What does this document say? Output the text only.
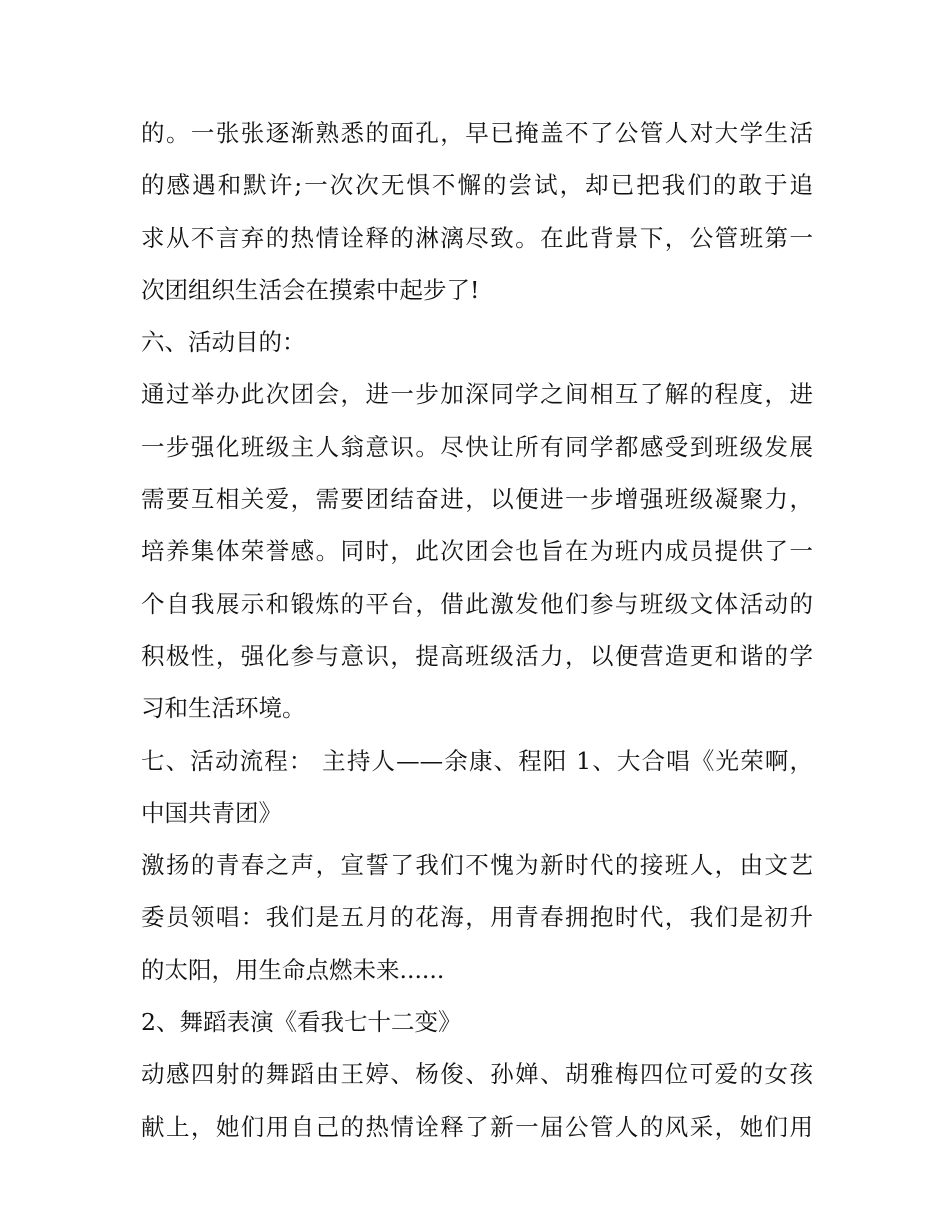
的。一张张逐渐熟悉的面孔，早已掩盖不了公管人对大学生活
的感遇和默许;一次次无惧不懈的尝试，却已把我们的敢于追
求从不言弃的热情诠释的淋漓尽致。在此背景下，公管班第一
次团组织生活会在摸索中起步了!
六、活动目的：
通过举办此次团会，进一步加深同学之间相互了解的程度，进
一步强化班级主人翁意识。尽快让所有同学都感受到班级发展
需要互相关爱，需要团结奋进，以便进一步增强班级凝聚力，
培养集体荣誉感。同时，此次团会也旨在为班内成员提供了一
个自我展示和锻炼的平台，借此激发他们参与班级文体活动的
积极性，强化参与意识，提高班级活力，以便营造更和谐的学
习和生活环境。
七、活动流程： 主持人——余康、程阳 1、大合唱《光荣啊，
中国共青团》
激扬的青春之声，宣誓了我们不愧为新时代的接班人，由文艺
委员领唱：我们是五月的花海，用青春拥抱时代，我们是初升
的太阳，用生命点燃未来......
2、舞蹈表演《看我七十二变》
动感四射的舞蹈由王婷、杨俊、孙婵、胡雅梅四位可爱的女孩
献上，她们用自己的热情诠释了新一届公管人的风采，她们用
